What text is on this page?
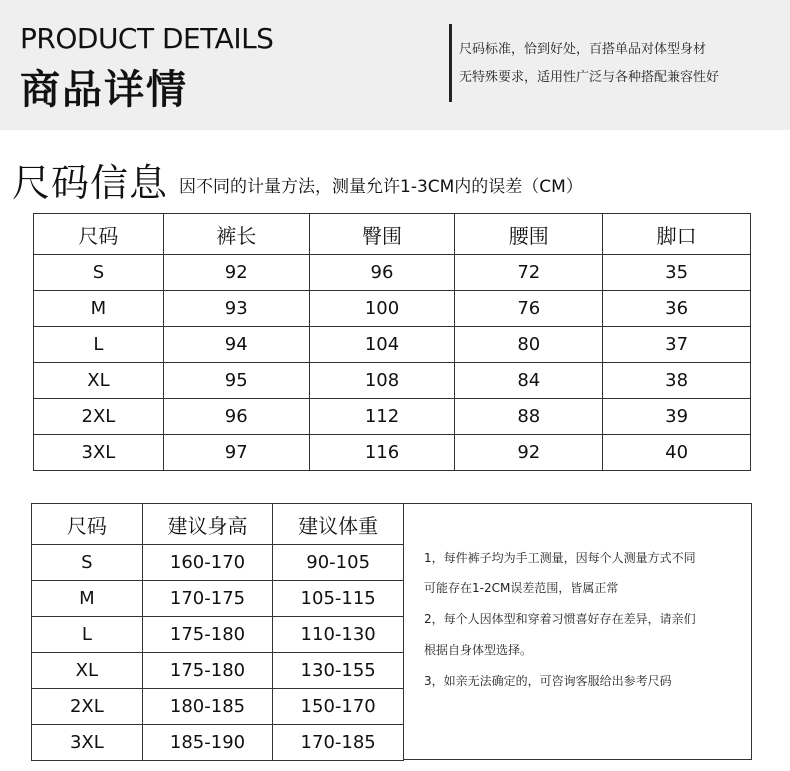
PRODUCT DETAILS
商品详情
尺码标准，恰到好处，百搭单品对体型身材
无特殊要求，适用性广泛与各种搭配兼容性好
尺码信息 因不同的计量方法，测量允许1-3CM内的误差（CM）
尺码	裤长	臀围	腰围	脚口
S	92	96	72	35
M	93	100	76	36
L	94	104	80	37
XL	95	108	84	38
2XL	96	112	88	39
3XL	97	116	92	40
尺码	建议身高	建议体重
S	160-170	90-105
M	170-175	105-115
L	175-180	110-130
XL	175-180	130-155
2XL	180-185	150-170
3XL	185-190	170-185
1，每件裤子均为手工测量，因每个人测量方式不同
可能存在1-2CM误差范围，皆属正常
2，每个人因体型和穿着习惯喜好存在差异，请亲们
根据自身体型选择。
3，如亲无法确定的，可咨询客服给出参考尺码
